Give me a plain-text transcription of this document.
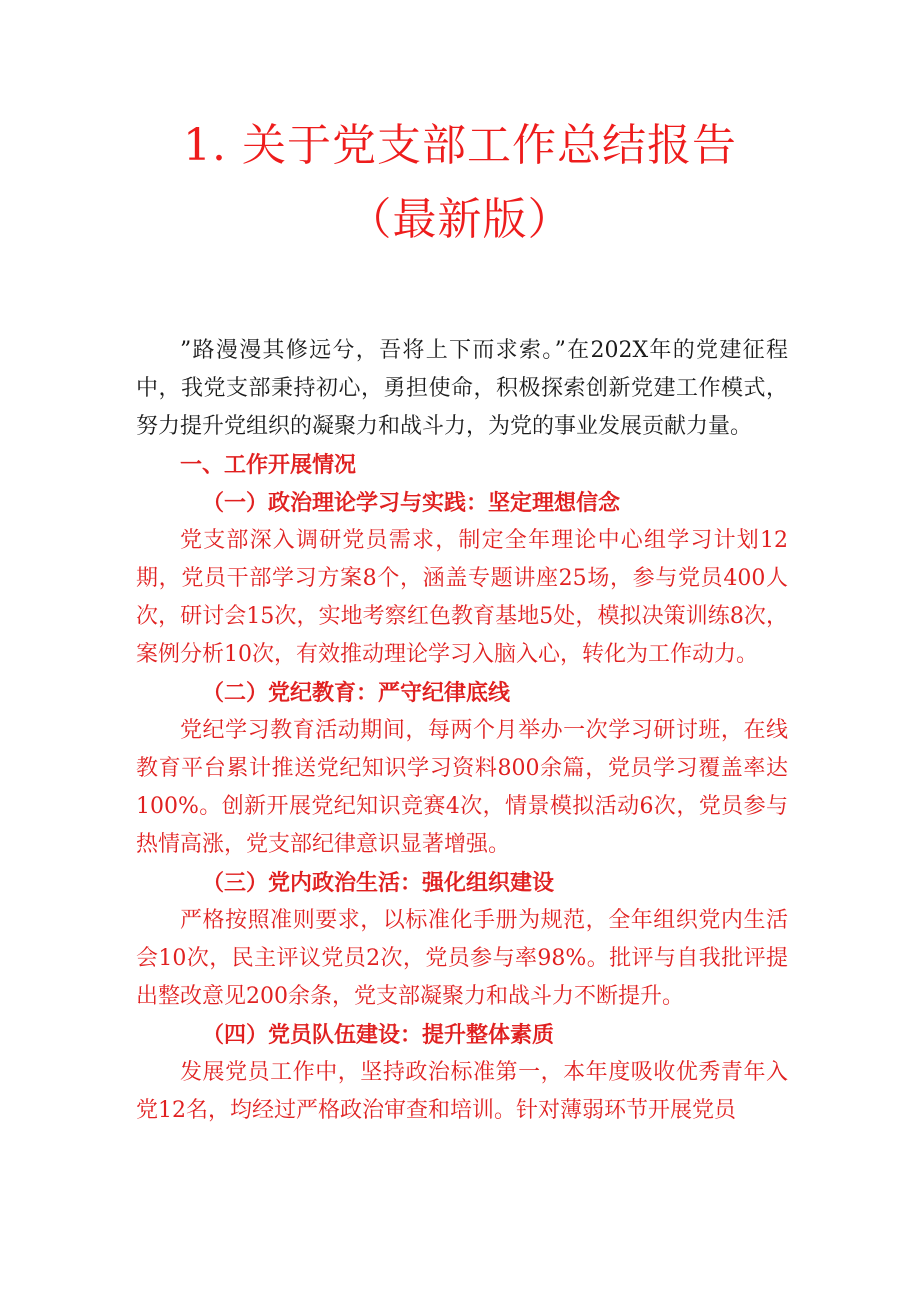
1. 关于党支部工作总结报告
（最新版）

”路漫漫其修远兮，吾将上下而求索。”在202X年的党建征程中，我党支部秉持初心，勇担使命，积极探索创新党建工作模式，努力提升党组织的凝聚力和战斗力，为党的事业发展贡献力量。

一、工作开展情况
（一）政治理论学习与实践：坚定理想信念

党支部深入调研党员需求，制定全年理论中心组学习计划12期，党员干部学习方案8个，涵盖专题讲座25场，参与党员400人次，研讨会15次，实地考察红色教育基地5处，模拟决策训练8次，案例分析10次，有效推动理论学习入脑入心，转化为工作动力。

（二）党纪教育：严守纪律底线

党纪学习教育活动期间，每两个月举办一次学习研讨班，在线教育平台累计推送党纪知识学习资料800余篇，党员学习覆盖率达100%。创新开展党纪知识竞赛4次，情景模拟活动6次，党员参与热情高涨，党支部纪律意识显著增强。

（三）党内政治生活：强化组织建设

严格按照准则要求，以标准化手册为规范，全年组织党内生活会10次，民主评议党员2次，党员参与率98%。批评与自我批评提出整改意见200余条，党支部凝聚力和战斗力不断提升。

（四）党员队伍建设：提升整体素质

发展党员工作中，坚持政治标准第一，本年度吸收优秀青年入党12名，均经过严格政治审查和培训。针对薄弱环节开展党员
